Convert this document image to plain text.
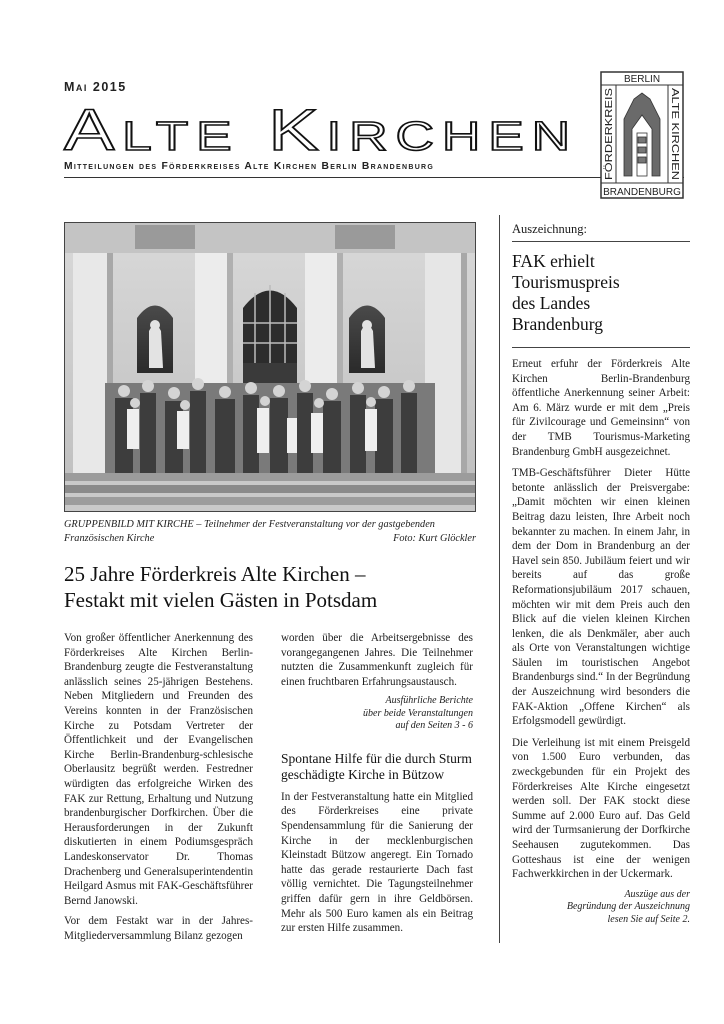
Mai 2015
Alte Kirchen
Mitteilungen des Förderkreises Alte Kirchen Berlin Brandenburg
BERLIN
BRANDENBURG
FÖRDERKREIS	ALTE KIRCHEN
GRUPPENBILD MIT KIRCHE – Teilnehmer der Festveranstaltung vor der gastgebenden Französischen Kirche	Foto: Kurt Glöckler
25 Jahre Förderkreis Alte Kirchen –
Festakt mit vielen Gästen in Potsdam

Von großer öffentlicher Anerkennung des Förderkreises Alte Kirchen Berlin-Brandenburg zeugte die Festveranstaltung anlässlich seines 25-jährigen Bestehens. Neben Mitgliedern und Freunden des Vereins konnten in der Französischen Kirche zu Potsdam Vertreter der Öffentlichkeit und der Evangelischen Kirche Berlin-Brandenburg-schlesische Oberlausitz begrüßt werden. Festredner würdigten das erfolgreiche Wirken des FAK zur Rettung, Erhaltung und Nutzung brandenburgischer Dorfkirchen. Über die Herausforderungen in der Zukunft diskutierten in einem Podiumsgespräch Landeskonservator Dr. Thomas Drachenberg und Generalsuperintendentin Heilgard Asmus mit FAK-Geschäftsführer Bernd Janowski.

Vor dem Festakt war in der Jahres-Mitgliederversammlung Bilanz gezogen

worden über die Arbeitsergebnisse des vorangegangenen Jahres. Die Teilnehmer nutzten die Zusammenkunft zugleich für einen fruchtbaren Erfahrungsaustausch.

Ausführliche Berichte
über beide Veranstaltungen
auf den Seiten 3 - 6
Spontane Hilfe für die durch Sturm
geschädigte Kirche in Bützow

In der Festveranstaltung hatte ein Mitglied des Förderkreises eine private Spendensammlung für die Sanierung der Kirche in der mecklenburgischen Kleinstadt Bützow angeregt. Ein Tornado hatte das gerade restaurierte Dach fast völlig vernichtet. Die Tagungsteilnehmer griffen dafür gern in ihre Geldbörsen. Mehr als 500 Euro kamen als ein Beitrag zur ersten Hilfe zusammen.

Auszeichnung:
FAK erhielt
Tourismuspreis
des Landes
Brandenburg

Erneut erfuhr der Förderkreis Alte Kirchen Berlin-Brandenburg öffentliche Anerkennung seiner Arbeit: Am 6. März wurde er mit dem „Preis für Zivilcourage und Gemeinsinn“ von der TMB Tourismus-Marketing Brandenburg GmbH ausgezeichnet.

TMB-Geschäftsführer Dieter Hütte betonte anlässlich der Preisvergabe: „Damit möchten wir einen kleinen Beitrag dazu leisten, Ihre Arbeit noch bekannter zu machen. In einem Jahr, in dem der Dom in Brandenburg an der Havel sein 850. Jubiläum feiert und wir bereits auf das große Reformationsjubiläum 2017 schauen, möchten wir mit dem Preis auch den Blick auf die vielen kleinen Kirchen lenken, die als Denkmäler, aber auch als Orte von Veranstaltungen wichtige Säulen im touristischen Angebot Brandenburgs sind.“ In der Begründung der Auszeichnung wird besonders die FAK-Aktion „Offene Kirchen“ als Erfolgsmodell gewürdigt.

Die Verleihung ist mit einem Preisgeld von 1.500 Euro verbunden, das zweckgebunden für ein Projekt des Förderkreises Alte Kirche eingesetzt werden soll. Der FAK stockt diese Summe auf 2.000 Euro auf. Das Geld wird der Turmsanierung der Dorfkirche Seehausen zugutekommen. Das Gotteshaus ist eine der wenigen Fachwerkkirchen in der Uckermark.

Auszüge aus der
Begründung der Auszeichnung
lesen Sie auf Seite 2.
